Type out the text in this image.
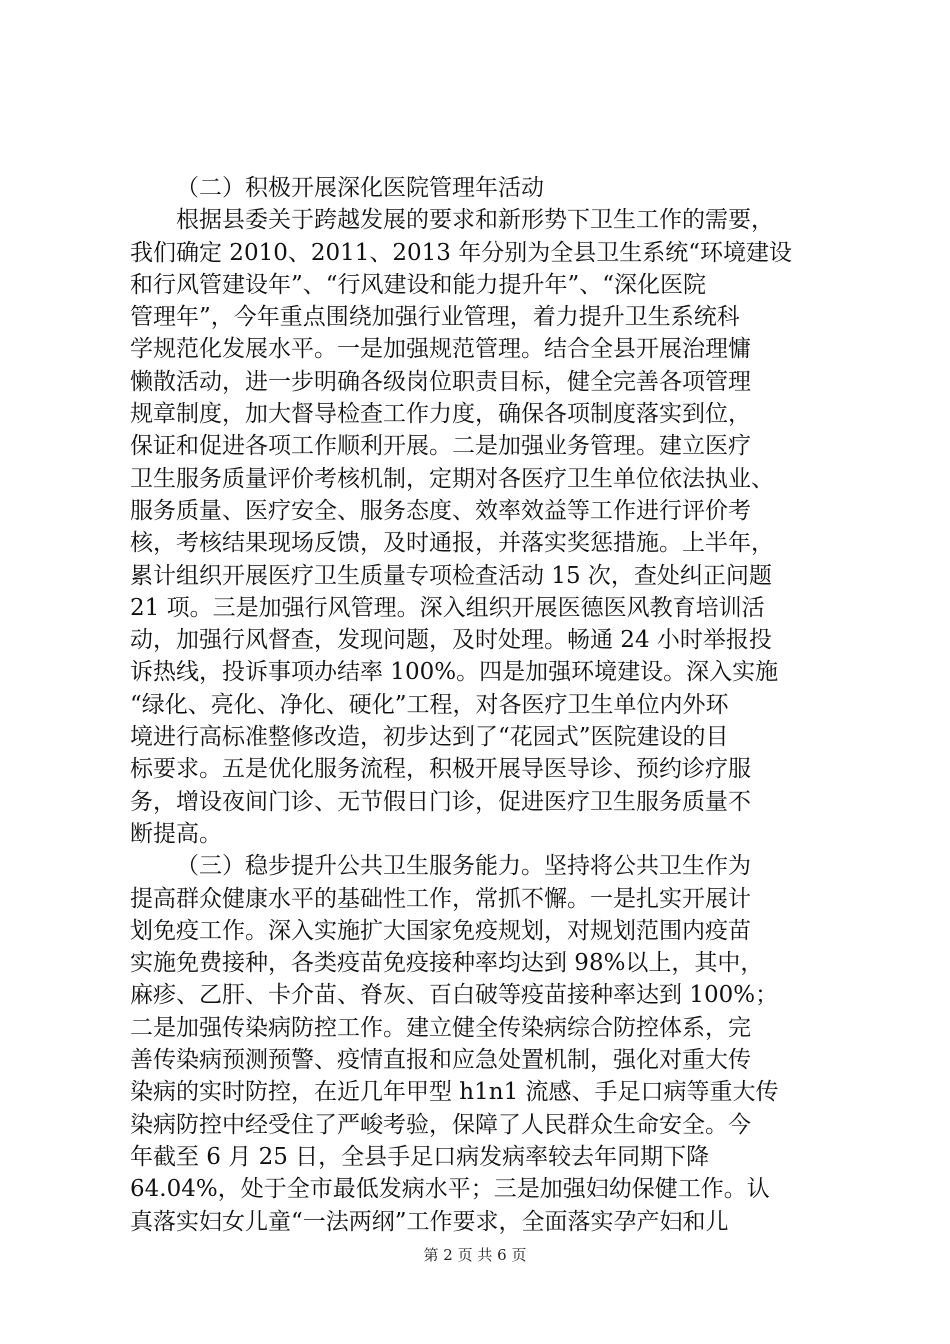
（二）积极开展深化医院管理年活动
根据县委关于跨越发展的要求和新形势下卫生工作的需要，
我们确定 2010、2011、2013 年分别为全县卫生系统“环境建设
和行风管建设年”、“行风建设和能力提升年”、“深化医院
管理年”，今年重点围绕加强行业管理，着力提升卫生系统科
学规范化发展水平。一是加强规范管理。结合全县开展治理慵
懒散活动，进一步明确各级岗位职责目标，健全完善各项管理
规章制度，加大督导检查工作力度，确保各项制度落实到位，
保证和促进各项工作顺利开展。二是加强业务管理。建立医疗
卫生服务质量评价考核机制，定期对各医疗卫生单位依法执业、
服务质量、医疗安全、服务态度、效率效益等工作进行评价考
核，考核结果现场反馈，及时通报，并落实奖惩措施。上半年，
累计组织开展医疗卫生质量专项检查活动 15 次，查处纠正问题
21 项。三是加强行风管理。深入组织开展医德医风教育培训活
动，加强行风督查，发现问题，及时处理。畅通 24 小时举报投
诉热线，投诉事项办结率 100%。四是加强环境建设。深入实施
“绿化、亮化、净化、硬化”工程，对各医疗卫生单位内外环
境进行高标准整修改造，初步达到了“花园式”医院建设的目
标要求。五是优化服务流程，积极开展导医导诊、预约诊疗服
务，增设夜间门诊、无节假日门诊，促进医疗卫生服务质量不
断提高。
（三）稳步提升公共卫生服务能力。坚持将公共卫生作为
提高群众健康水平的基础性工作，常抓不懈。一是扎实开展计
划免疫工作。深入实施扩大国家免疫规划，对规划范围内疫苗
实施免费接种，各类疫苗免疫接种率均达到 98%以上，其中，
麻疹、乙肝、卡介苗、脊灰、百白破等疫苗接种率达到 100%；
二是加强传染病防控工作。建立健全传染病综合防控体系，完
善传染病预测预警、疫情直报和应急处置机制，强化对重大传
染病的实时防控，在近几年甲型 h1n1 流感、手足口病等重大传
染病防控中经受住了严峻考验，保障了人民群众生命安全。今
年截至 6 月 25 日，全县手足口病发病率较去年同期下降
64.04%，处于全市最低发病水平；三是加强妇幼保健工作。认
真落实妇女儿童“一法两纲”工作要求，全面落实孕产妇和儿
第 2 页 共 6 页
